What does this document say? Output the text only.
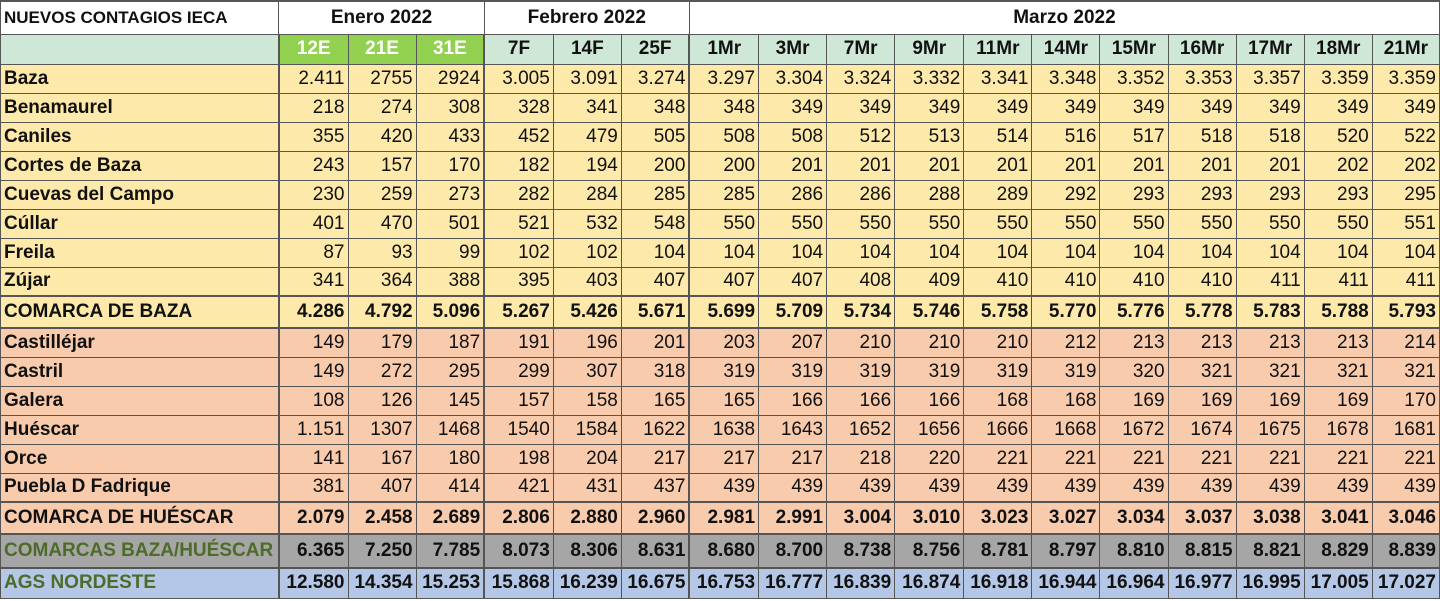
NUEVOS CONTAGIOS IECA	Enero 2022			Febrero 2022			Marzo 2022										
	12E	21E	31E	7F	14F	25F	1Mr	3Mr	7Mr	9Mr	11Mr	14Mr	15Mr	16Mr	17Mr	18Mr	21Mr
Baza	2.411	2755	2924	3.005	3.091	3.274	3.297	3.304	3.324	3.332	3.341	3.348	3.352	3.353	3.357	3.359	3.359
Benamaurel	218	274	308	328	341	348	348	349	349	349	349	349	349	349	349	349	349
Caniles	355	420	433	452	479	505	508	508	512	513	514	516	517	518	518	520	522
Cortes de Baza	243	157	170	182	194	200	200	201	201	201	201	201	201	201	201	202	202
Cuevas del Campo	230	259	273	282	284	285	285	286	286	288	289	292	293	293	293	293	295
Cúllar	401	470	501	521	532	548	550	550	550	550	550	550	550	550	550	550	551
Freila	87	93	99	102	102	104	104	104	104	104	104	104	104	104	104	104	104
Zújar	341	364	388	395	403	407	407	407	408	409	410	410	410	410	411	411	411
COMARCA DE BAZA	4.286	4.792	5.096	5.267	5.426	5.671	5.699	5.709	5.734	5.746	5.758	5.770	5.776	5.778	5.783	5.788	5.793
Castilléjar	149	179	187	191	196	201	203	207	210	210	210	212	213	213	213	213	214
Castril	149	272	295	299	307	318	319	319	319	319	319	319	320	321	321	321	321
Galera	108	126	145	157	158	165	165	166	166	166	168	168	169	169	169	169	170
Huéscar	1.151	1307	1468	1540	1584	1622	1638	1643	1652	1656	1666	1668	1672	1674	1675	1678	1681
Orce	141	167	180	198	204	217	217	217	218	220	221	221	221	221	221	221	221
Puebla D Fadrique	381	407	414	421	431	437	439	439	439	439	439	439	439	439	439	439	439
COMARCA DE HUÉSCAR	2.079	2.458	2.689	2.806	2.880	2.960	2.981	2.991	3.004	3.010	3.023	3.027	3.034	3.037	3.038	3.041	3.046
COMARCAS BAZA/HUÉSCAR	6.365	7.250	7.785	8.073	8.306	8.631	8.680	8.700	8.738	8.756	8.781	8.797	8.810	8.815	8.821	8.829	8.839
AGS NORDESTE	12.580	14.354	15.253	15.868	16.239	16.675	16.753	16.777	16.839	16.874	16.918	16.944	16.964	16.977	16.995	17.005	17.027
